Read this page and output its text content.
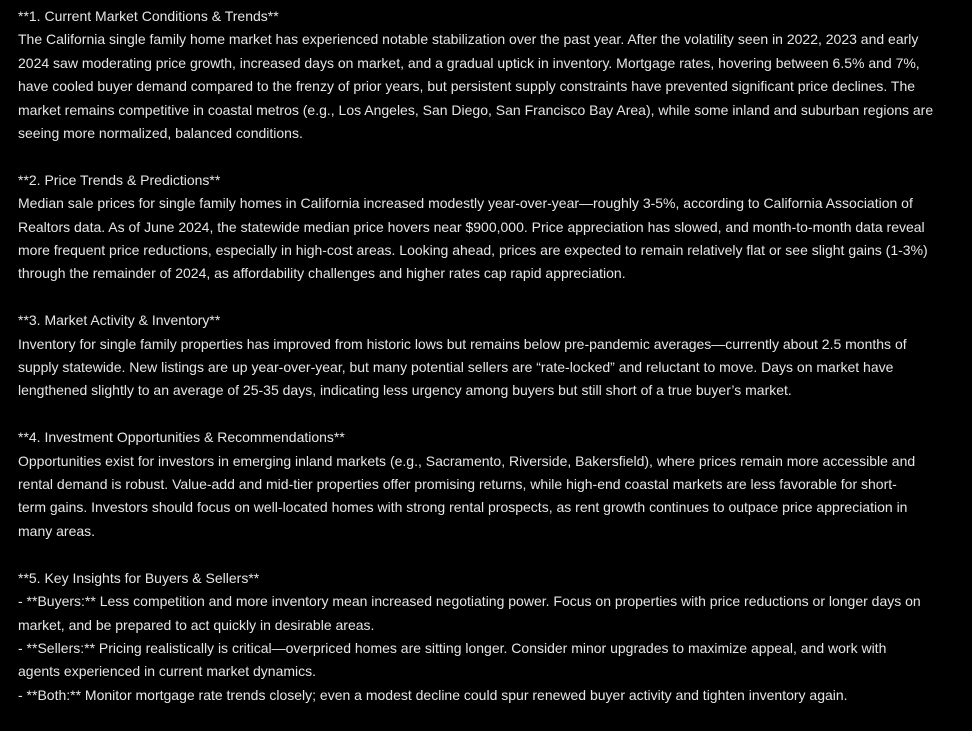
**1. Current Market Conditions & Trends**
The California single family home market has experienced notable stabilization over the past year. After the volatility seen in 2022, 2023 and early
2024 saw moderating price growth, increased days on market, and a gradual uptick in inventory. Mortgage rates, hovering between 6.5% and 7%,
have cooled buyer demand compared to the frenzy of prior years, but persistent supply constraints have prevented significant price declines. The
market remains competitive in coastal metros (e.g., Los Angeles, San Diego, San Francisco Bay Area), while some inland and suburban regions are
seeing more normalized, balanced conditions.
**2. Price Trends & Predictions**
Median sale prices for single family homes in California increased modestly year-over-year—roughly 3-5%, according to California Association of
Realtors data. As of June 2024, the statewide median price hovers near $900,000. Price appreciation has slowed, and month-to-month data reveal
more frequent price reductions, especially in high-cost areas. Looking ahead, prices are expected to remain relatively flat or see slight gains (1-3%)
through the remainder of 2024, as affordability challenges and higher rates cap rapid appreciation.
**3. Market Activity & Inventory**
Inventory for single family properties has improved from historic lows but remains below pre-pandemic averages—currently about 2.5 months of
supply statewide. New listings are up year-over-year, but many potential sellers are “rate-locked” and reluctant to move. Days on market have
lengthened slightly to an average of 25-35 days, indicating less urgency among buyers but still short of a true buyer’s market.
**4. Investment Opportunities & Recommendations**
Opportunities exist for investors in emerging inland markets (e.g., Sacramento, Riverside, Bakersfield), where prices remain more accessible and
rental demand is robust. Value-add and mid-tier properties offer promising returns, while high-end coastal markets are less favorable for short-
term gains. Investors should focus on well-located homes with strong rental prospects, as rent growth continues to outpace price appreciation in
many areas.
**5. Key Insights for Buyers & Sellers**
- **Buyers:** Less competition and more inventory mean increased negotiating power. Focus on properties with price reductions or longer days on
market, and be prepared to act quickly in desirable areas.
- **Sellers:** Pricing realistically is critical—overpriced homes are sitting longer. Consider minor upgrades to maximize appeal, and work with
agents experienced in current market dynamics.
- **Both:** Monitor mortgage rate trends closely; even a modest decline could spur renewed buyer activity and tighten inventory again.
